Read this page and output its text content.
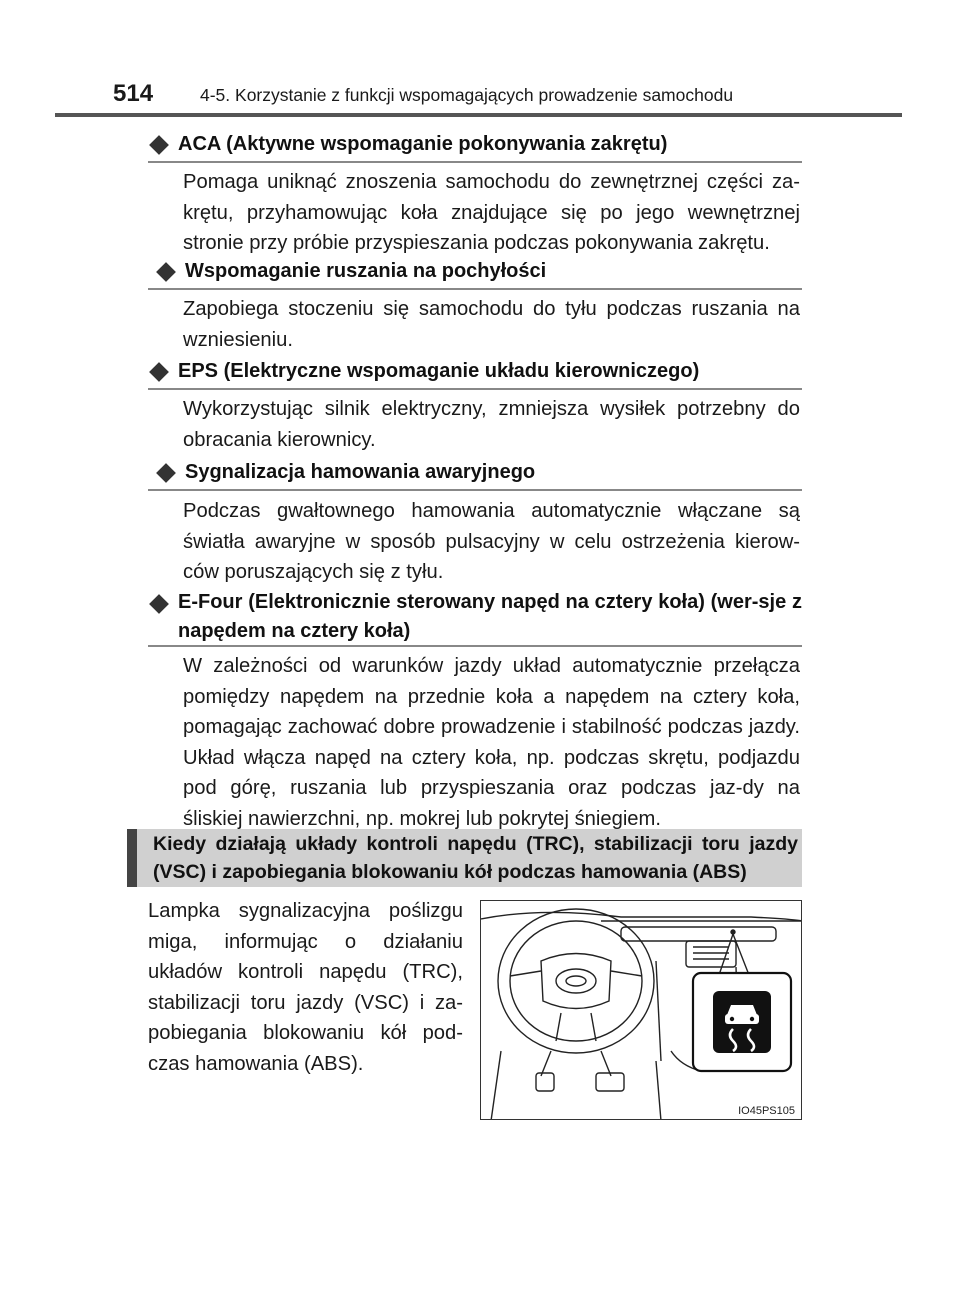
514	4-5. Korzystanie z funkcji wspomagających prowadzenie samochodu
ACA (Aktywne wspomaganie pokonywania zakrętu)

Pomaga uniknąć znoszenia samochodu do zewnętrznej części za-krętu, przyhamowując koła znajdujące się po jego wewnętrznej stronie przy próbie przyspieszania podczas pokonywania zakrętu.

Wspomaganie ruszania na pochyłości

Zapobiega stoczeniu się samochodu do tyłu podczas ruszania na wzniesieniu.

EPS (Elektryczne wspomaganie układu kierowniczego)

Wykorzystując silnik elektryczny, zmniejsza wysiłek potrzebny do obracania kierownicy.

Sygnalizacja hamowania awaryjnego

Podczas gwałtownego hamowania automatycznie włączane są światła awaryjne w sposób pulsacyjny w celu ostrzeżenia kierow-ców poruszających się z tyłu.

E-Four (Elektronicznie sterowany napęd na cztery koła) (wer-sje z napędem na cztery koła)

W zależności od warunków jazdy układ automatycznie przełącza pomiędzy napędem na przednie koła a napędem na cztery koła, pomagając zachować dobre prowadzenie i stabilność podczas jazdy. Układ włącza napęd na cztery koła, np. podczas skrętu, podjazdu pod górę, ruszania lub przyspieszania oraz podczas jaz-dy na śliskiej nawierzchni, np. mokrej lub pokrytej śniegiem.

Kiedy działają układy kontroli napędu (TRC), stabilizacji toru jazdy (VSC) i zapobiegania blokowaniu kół podczas hamowania (ABS)

Lampka sygnalizacyjna poślizgu miga, informując o działaniu układów kontroli napędu (TRC), stabilizacji toru jazdy (VSC) i za-pobiegania blokowaniu kół pod-czas hamowania (ABS).

IO45PS105
